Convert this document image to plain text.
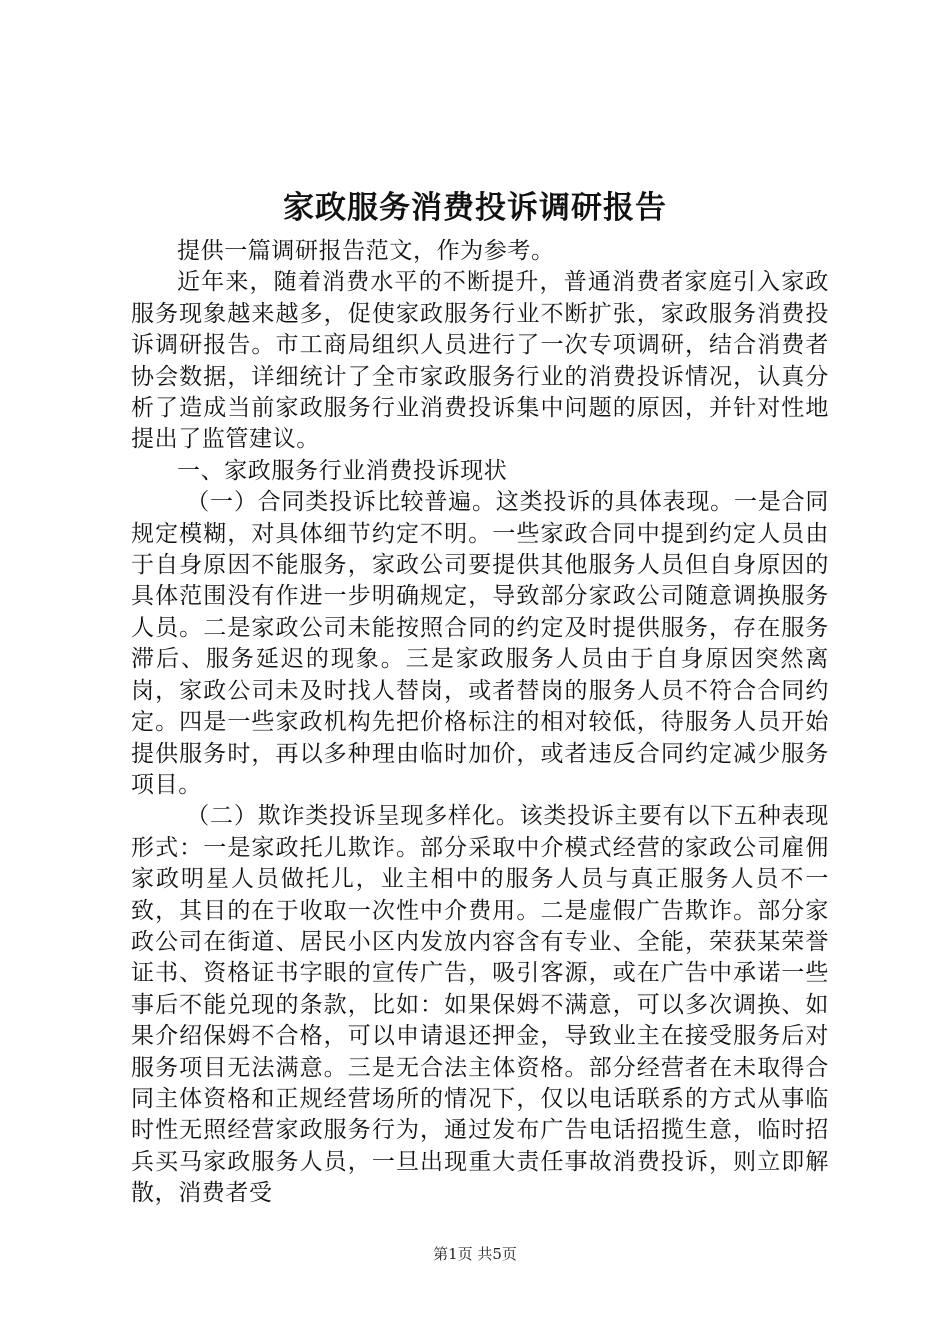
家政服务消费投诉调研报告

提供一篇调研报告范文，作为参考。

近年来，随着消费水平的不断提升，普通消费者家庭引入家政服务现象越来越多，促使家政服务行业不断扩张，家政服务消费投诉调研报告。市工商局组织人员进行了一次专项调研，结合消费者协会数据，详细统计了全市家政服务行业的消费投诉情况，认真分析了造成当前家政服务行业消费投诉集中问题的原因，并针对性地提出了监管建议。

一、家政服务行业消费投诉现状

（一）合同类投诉比较普遍。这类投诉的具体表现。一是合同规定模糊，对具体细节约定不明。一些家政合同中提到约定人员由于自身原因不能服务，家政公司要提供其他服务人员但自身原因的具体范围没有作进一步明确规定，导致部分家政公司随意调换服务人员。二是家政公司未能按照合同的约定及时提供服务，存在服务滞后、服务延迟的现象。三是家政服务人员由于自身原因突然离岗，家政公司未及时找人替岗，或者替岗的服务人员不符合合同约定。四是一些家政机构先把价格标注的相对较低，待服务人员开始提供服务时，再以多种理由临时加价，或者违反合同约定减少服务项目。

（二）欺诈类投诉呈现多样化。该类投诉主要有以下五种表现形式：一是家政托儿欺诈。部分采取中介模式经营的家政公司雇佣家政明星人员做托儿，业主相中的服务人员与真正服务人员不一致，其目的在于收取一次性中介费用。二是虚假广告欺诈。部分家政公司在街道、居民小区内发放内容含有专业、全能，荣获某荣誉证书、资格证书字眼的宣传广告，吸引客源，或在广告中承诺一些事后不能兑现的条款，比如：如果保姆不满意，可以多次调换、如果介绍保姆不合格，可以申请退还押金，导致业主在接受服务后对服务项目无法满意。三是无合法主体资格。部分经营者在未取得合同主体资格和正规经营场所的情况下，仅以电话联系的方式从事临时性无照经营家政服务行为，通过发布广告电话招揽生意，临时招兵买马家政服务人员，一旦出现重大责任事故消费投诉，则立即解散，消费者受

第1页 共5页
